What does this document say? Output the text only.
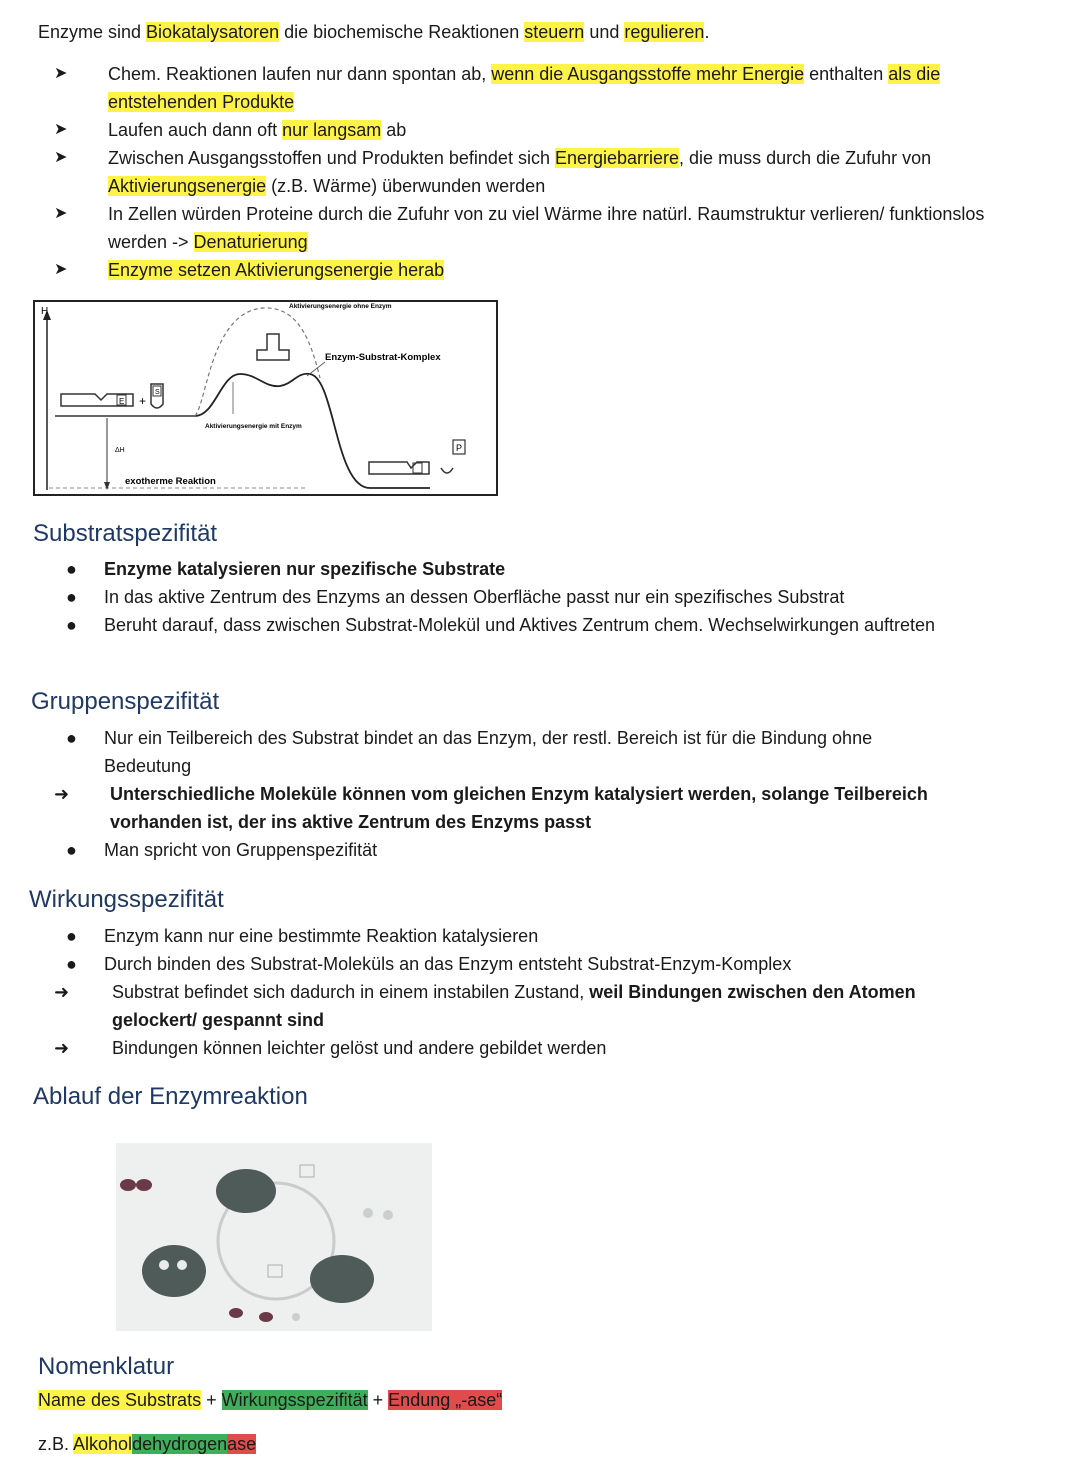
Enzyme sind Biokatalysatoren die biochemische Reaktionen steuern und regulieren.
➤	Chem. Reaktionen laufen nur dann spontan ab, wenn die Ausgangsstoffe mehr Energie enthalten als die entstehenden Produkte
➤	Laufen auch dann oft nur langsam ab
➤	Zwischen Ausgangsstoffen und Produkten befindet sich Energiebarriere, die muss durch die Zufuhr von Aktivierungsenergie (z.B. Wärme) überwunden werden
➤	In Zellen würden Proteine durch die Zufuhr von zu viel Wärme ihre natürl. Raumstruktur verlieren/ funktionslos werden -> Denaturierung
➤	Enzyme setzen Aktivierungsenergie herab
H
E +
S
Aktivierungsenergie ohne Enzym
Enzym-Substrat-Komplex
Aktivierungsenergie mit Enzym
ΔH
exotherme Reaktion
P
Substratspezifität
●	Enzyme katalysieren nur spezifische Substrate
●	In das aktive Zentrum des Enzyms an dessen Oberfläche passt nur ein spezifisches Substrat
●	Beruht darauf, dass zwischen Substrat-Molekül und Aktives Zentrum chem. Wechselwirkungen auftreten
Gruppenspezifität
●	Nur ein Teilbereich des Substrat bindet an das Enzym, der restl. Bereich ist für die Bindung ohne Bedeutung
➜ Unterschiedliche Moleküle können vom gleichen Enzym katalysiert werden, solange Teilbereich vorhanden ist, der ins aktive Zentrum des Enzyms passt
●	Man spricht von Gruppenspezifität
Wirkungsspezifität
●	Enzym kann nur eine bestimmte Reaktion katalysieren
●	Durch binden des Substrat-Moleküls an das Enzym entsteht Substrat-Enzym-Komplex
➜ Substrat befindet sich dadurch in einem instabilen Zustand, weil Bindungen zwischen den Atomen gelockert/ gespannt sind
➜ Bindungen können leichter gelöst und andere gebildet werden
Ablauf der Enzymreaktion
Nomenklatur
Name des Substrats + Wirkungsspezifität + Endung „-ase“
z.B. Alkoholdehydrogenase
